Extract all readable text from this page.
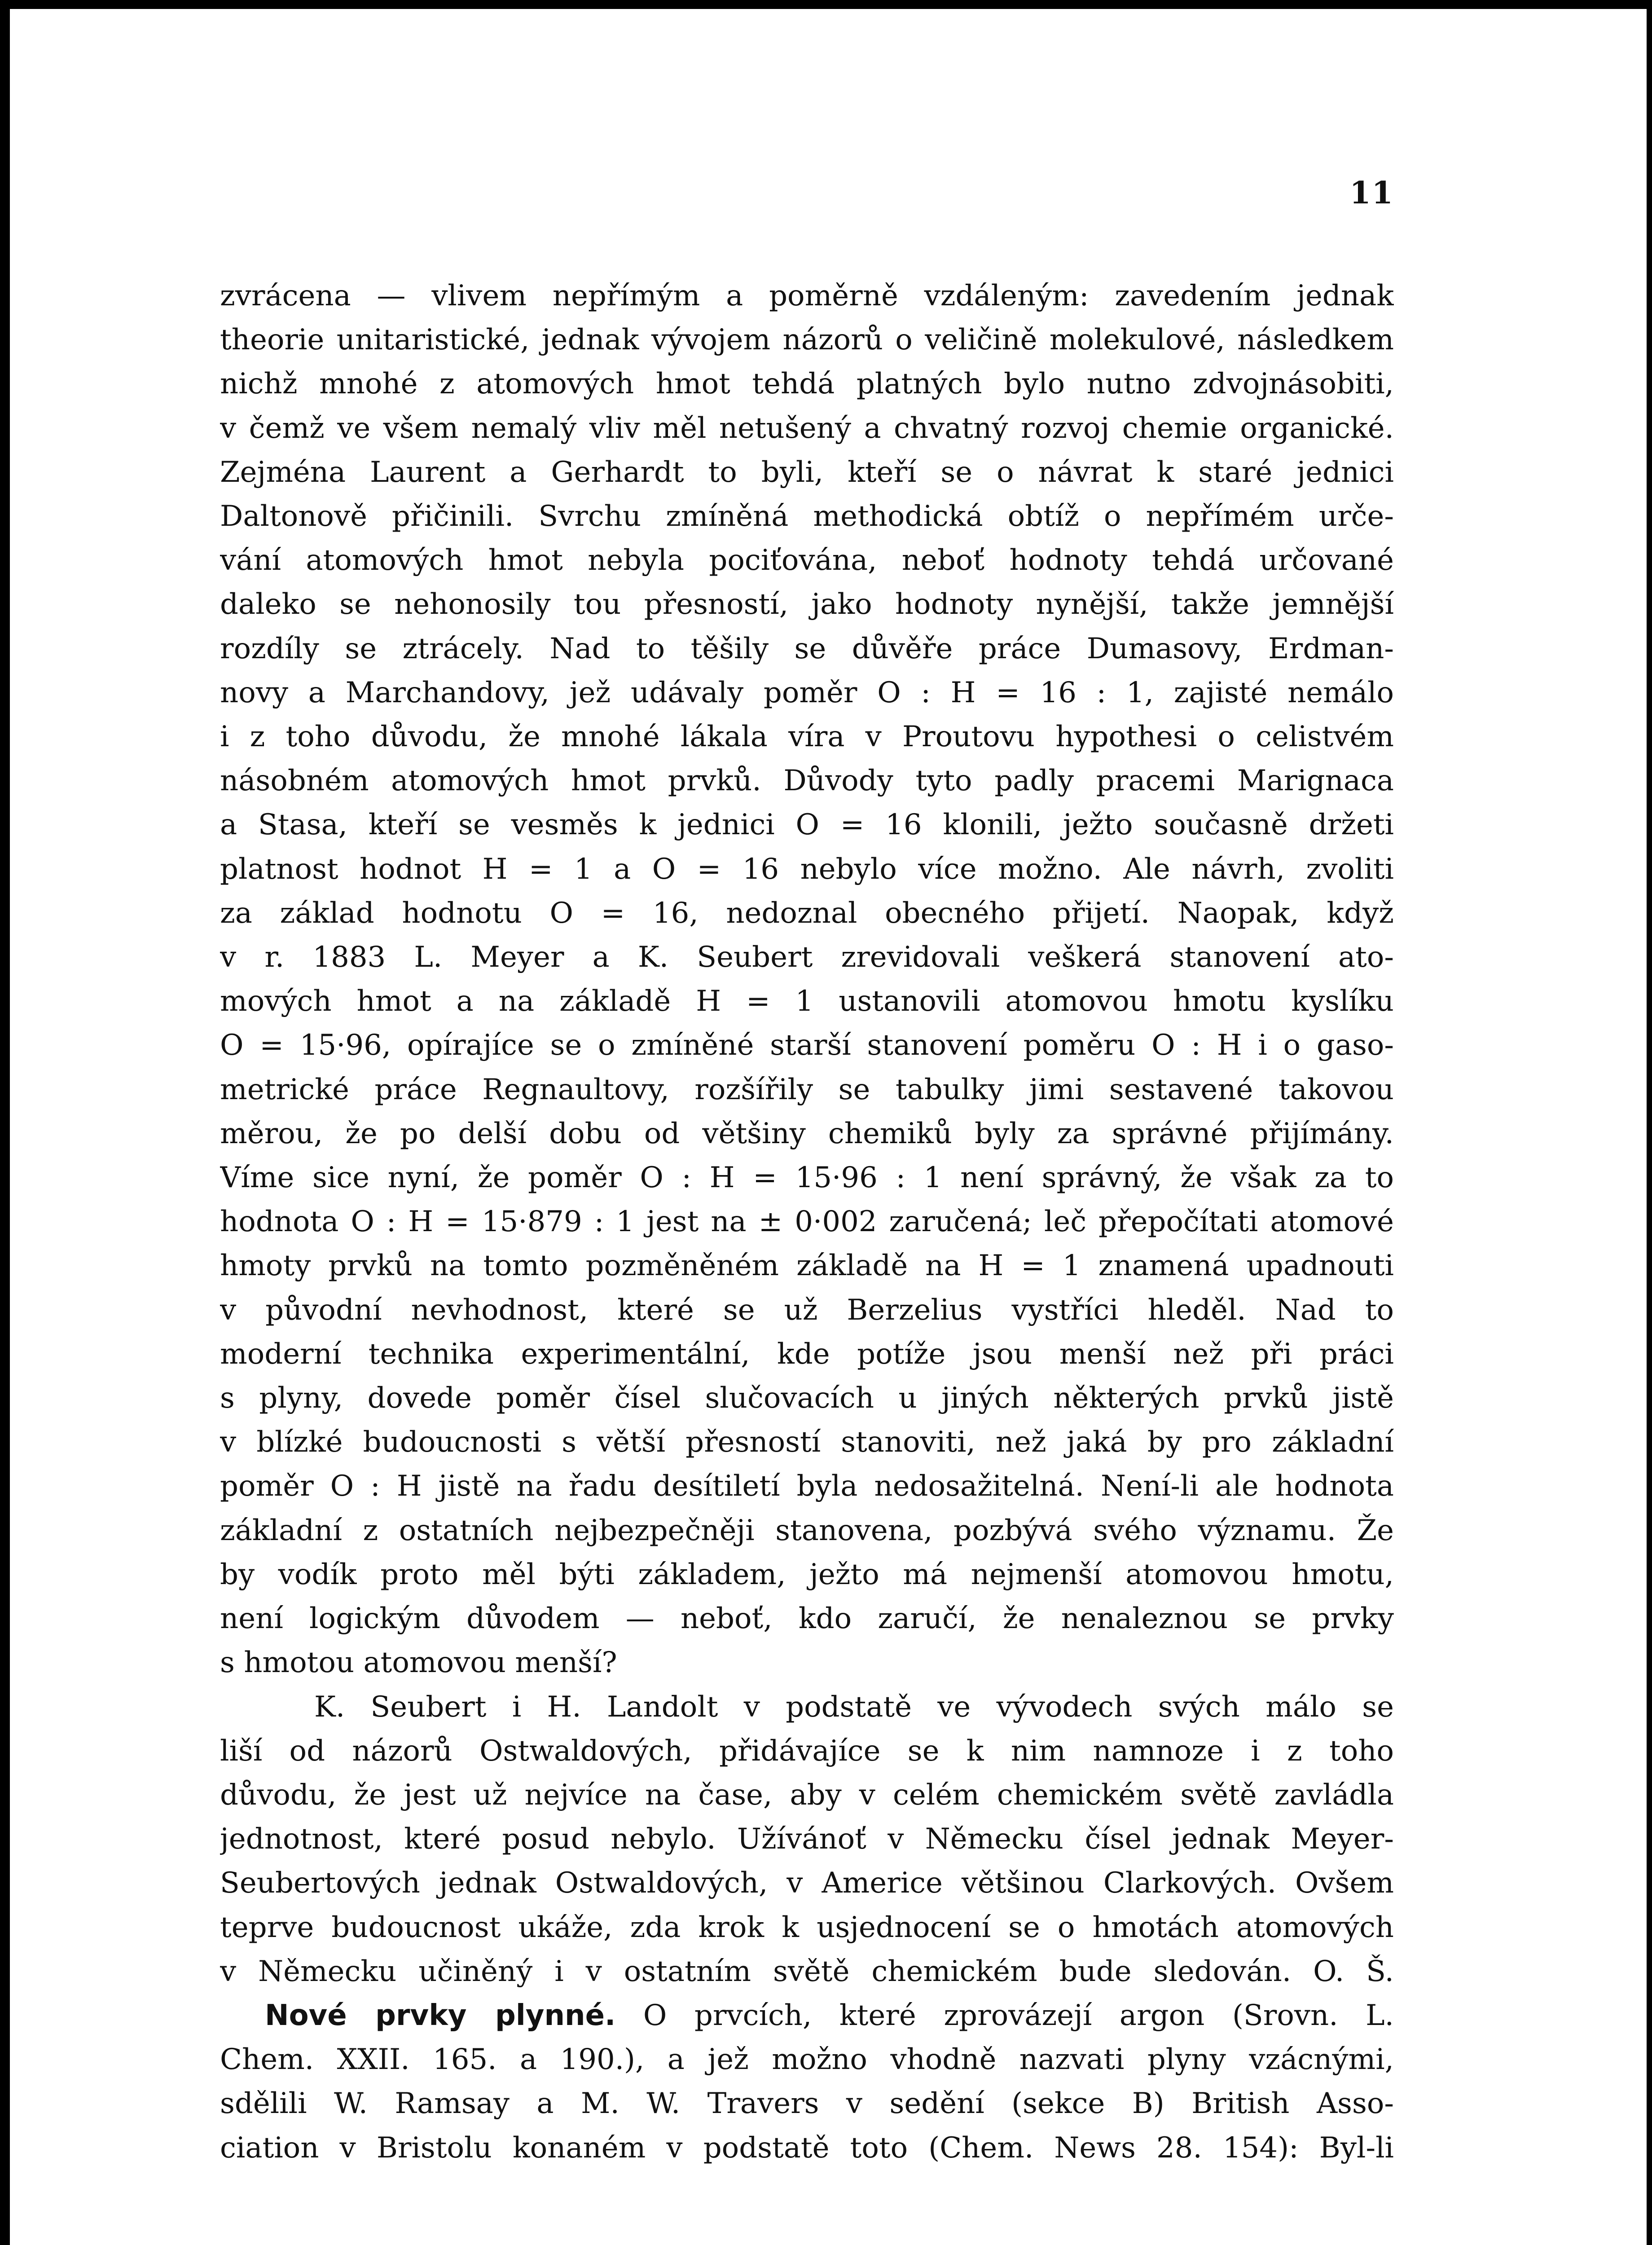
11
zvrácena — vlivem nepřímým a poměrně vzdáleným: zavedením jednak
theorie unitaristické, jednak vývojem názorů o veličině molekulové, následkem
nichž mnohé z atomových hmot tehdá platných bylo nutno zdvojnásobiti,
v čemž ve všem nemalý vliv měl netušený a chvatný rozvoj chemie organické.
Zejména Laurent a Gerhardt to byli, kteří se o návrat k staré jednici
Daltonově přičinili. Svrchu zmíněná methodická obtíž o nepřímém urče-
vání atomových hmot nebyla pociťována, neboť hodnoty tehdá určované
daleko se nehonosily tou přesností, jako hodnoty nynější, takže jemnější
rozdíly se ztrácely. Nad to těšily se důvěře práce Dumasovy, Erdman-
novy a Marchandovy, jež udávaly poměr O : H = 16 : 1, zajisté nemálo
i z toho důvodu, že mnohé lákala víra v Proutovu hypothesi o celistvém
násobném atomových hmot prvků. Důvody tyto padly pracemi Marignaca
a Stasa, kteří se vesměs k jednici O = 16 klonili, ježto současně držeti
platnost hodnot H = 1 a O = 16 nebylo více možno. Ale návrh, zvoliti
za základ hodnotu O = 16, nedoznal obecného přijetí. Naopak, když
v r. 1883 L. Meyer a K. Seubert zrevidovali veškerá stanovení ato-
mových hmot a na základě H = 1 ustanovili atomovou hmotu kyslíku
O = 15·96, opírajíce se o zmíněné starší stanovení poměru O : H i o gaso-
metrické práce Regnaultovy, rozšířily se tabulky jimi sestavené takovou
měrou, že po delší dobu od většiny chemiků byly za správné přijímány.
Víme sice nyní, že poměr O : H = 15·96 : 1 není správný, že však za to
hodnota O : H = 15·879 : 1 jest na ± 0·002 zaručená; leč přepočítati atomové
hmoty prvků na tomto pozměněném základě na H = 1 znamená upadnouti
v původní nevhodnost, které se už Berzelius vystříci hleděl. Nad to
moderní technika experimentální, kde potíže jsou menší než při práci
s plyny, dovede poměr čísel slučovacích u jiných některých prvků jistě
v blízké budoucnosti s větší přesností stanoviti, než jaká by pro základní
poměr O : H jistě na řadu desítiletí byla nedosažitelná. Není-li ale hodnota
základní z ostatních nejbezpečněji stanovena, pozbývá svého významu. Že
by vodík proto měl býti základem, ježto má nejmenší atomovou hmotu,
není logickým důvodem — neboť, kdo zaručí, že nenaleznou se prvky
s hmotou atomovou menší?
K. Seubert i H. Landolt v podstatě ve vývodech svých málo se
liší od názorů Ostwaldových, přidávajíce se k nim namnoze i z toho
důvodu, že jest už nejvíce na čase, aby v celém chemickém světě zavládla
jednotnost, které posud nebylo. Užívánoť v Německu čísel jednak Meyer-
Seubertových jednak Ostwaldových, v Americe většinou Clarkových. Ovšem
teprve budoucnost ukáže, zda krok k usjednocení se o hmotách atomových
v Německu učiněný i v ostatním světě chemickém bude sledován. O. Š.
Nové prvky plynné. O prvcích, které zprovázejí argon (Srovn. L.
Chem. XXII. 165. a 190.), a jež možno vhodně nazvati plyny vzácnými,
sdělili W. Ramsay a M. W. Travers v sedění (sekce B) British Asso-
ciation v Bristolu konaném v podstatě toto (Chem. News 28. 154): Byl-li
